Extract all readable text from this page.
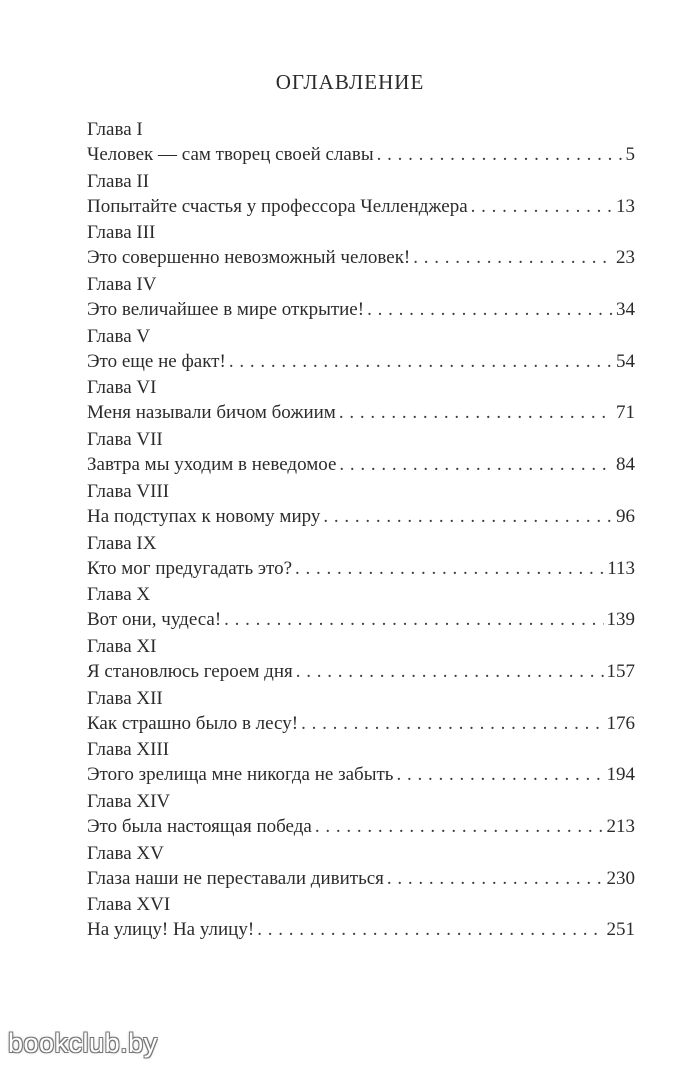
ОГЛАВЛЕНИЕ
Глава I
Человек — сам творец своей славы . . .	5
Глава II
Попытайте счастья у профессора Челленджера . . .	13
Глава III
Это совершенно невозможный человек! . . .	23
Глава IV
Это величайшее в мире открытие! . . .	34
Глава V
Это еще не факт! . . .	54
Глава VI
Меня называли бичом божиим . . .	71
Глава VII
Завтра мы уходим в неведомое . . .	84
Глава VIII
На подступах к новому миру . . .	96
Глава IX
Кто мог предугадать это? . . .	113
Глава X
Вот они, чудеса! . . .	139
Глава XI
Я становлюсь героем дня . . .	157
Глава XII
Как страшно было в лесу! . . .	176
Глава XIII
Этого зрелища мне никогда не забыть . . .	194
Глава XIV
Это была настоящая победа . . .	213
Глава XV
Глаза наши не переставали дивиться . . .	230
Глава XVI
На улицу! На улицу! . . .	251
bookclub.by
